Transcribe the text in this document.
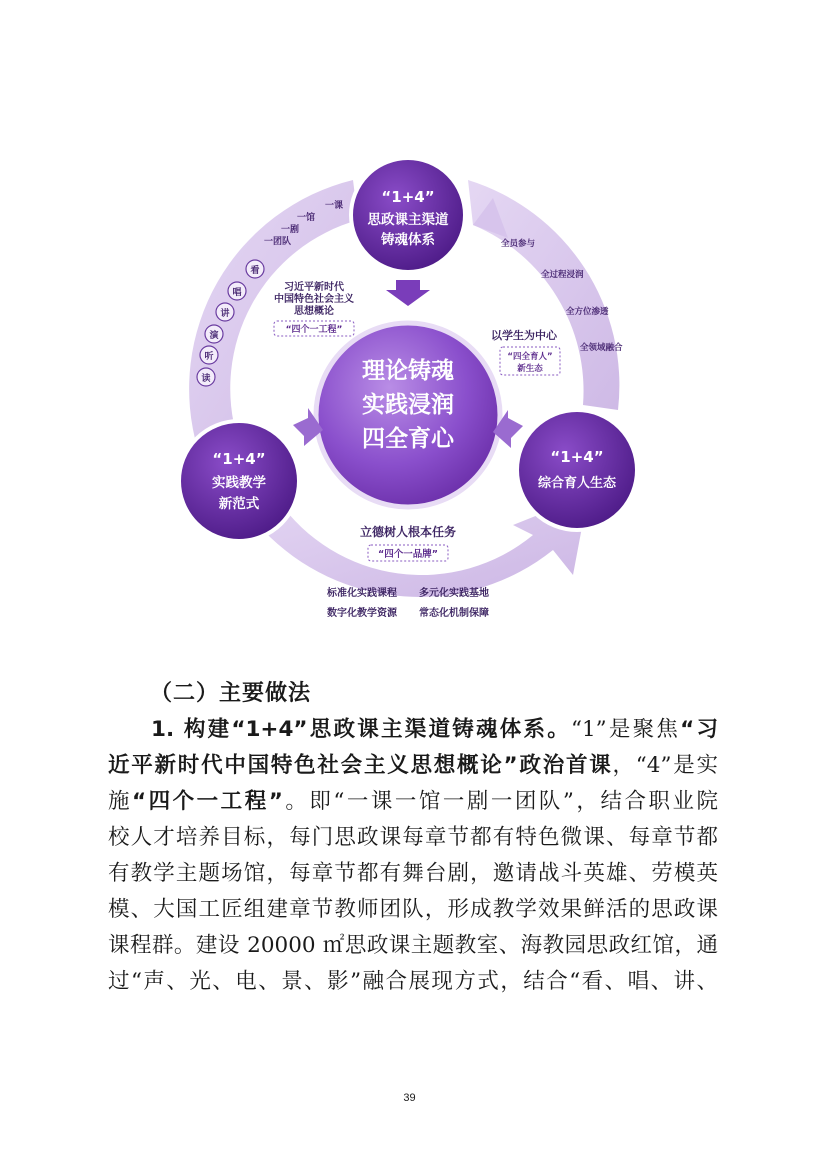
理论铸魂
实践浸润
四全育心
“1+4”
思政课主渠道
铸魂体系
“1+4”
实践教学
新范式
“1+4”
综合育人生态
一课
一馆
一剧
一团队
看
唱
讲
演
听
读
习近平新时代
中国特色社会主义
思想概论
“四个一工程”
全员参与
全过程浸润
全方位渗透
全领域融合
以学生为中心
“四全育人”
新生态
立德树人根本任务
“四个一品牌”
标准化实践课程 多元化实践基地
数字化教学资源 常态化机制保障
（二）主要做法
1. 构建“1+4”思政课主渠道铸魂体系。“1”是聚焦“习
近平新时代中国特色社会主义思想概论”政治首课，“4”是实
施“四个一工程”。即“一课一馆一剧一团队”，结合职业院
校人才培养目标，每门思政课每章节都有特色微课、每章节都
有教学主题场馆，每章节都有舞台剧，邀请战斗英雄、劳模英
模、大国工匠组建章节教师团队，形成教学效果鲜活的思政课
课程群。建设 20000 ㎡思政课主题教室、海教园思政红馆，通
过“声、光、电、景、影”融合展现方式，结合“看、唱、讲、
39
